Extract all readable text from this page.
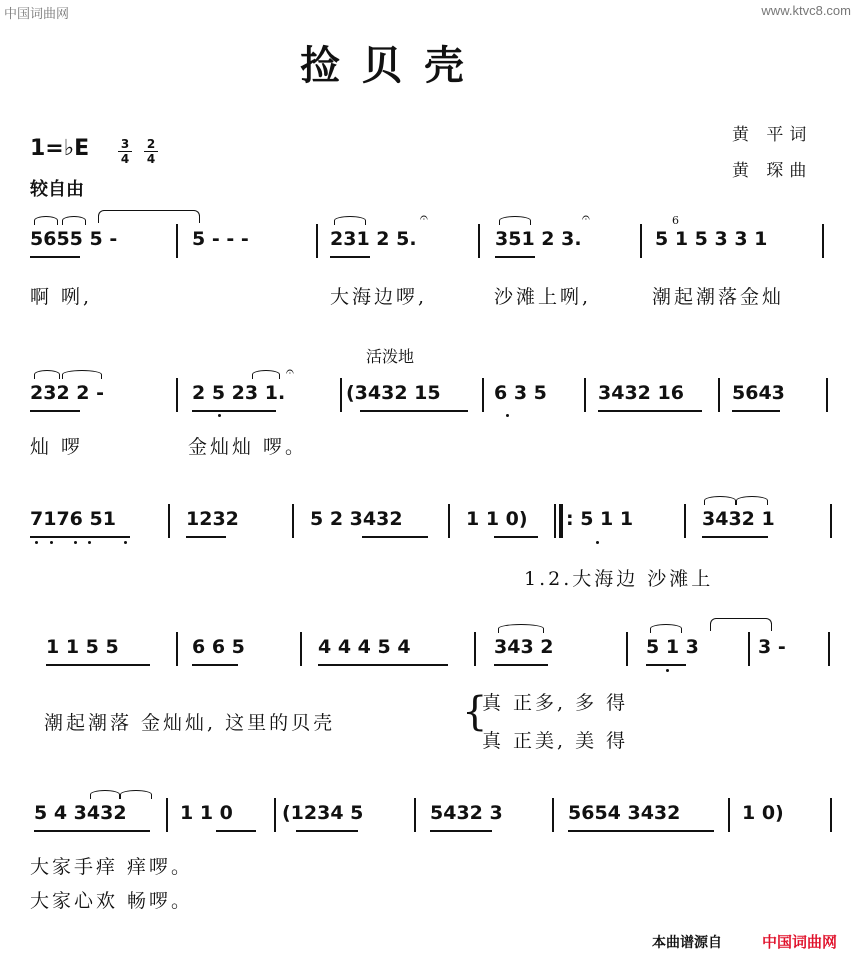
中国词曲网	www.ktvc8.com
捡贝壳
黄 平词
黄 琛曲
1=♭E	3
4
2
4
较自由
5655 5 -	5 - - -	231 2 5.	351 2 3.	5 1 5 3 3 1
𝄐	𝄐	6

啊 咧,	大海边啰,	沙滩上咧,	潮起潮落金灿
活泼地
232 2 -	2 5 23 1.	(3432 15	6 3 5	3432 16	5643
𝄐
灿 啰	金灿灿 啰。
7176 51	1232	5 2 3432	1 1 0) : 5 1 1	3432 1
1.2.大海边 沙滩上
1 1 5 5	6 6 5	4 4 4 5 4	343 2	5 1 3	3 -
潮起潮落 金灿灿, 这里的贝壳	{
真 正多, 多 得
真 正美, 美 得
5 4 3432	1 1 0	(1234 5	5432 3	5654 3432	1 0)
大家手痒 痒啰。
大家心欢 畅啰。
本曲谱源自	中国词曲网
